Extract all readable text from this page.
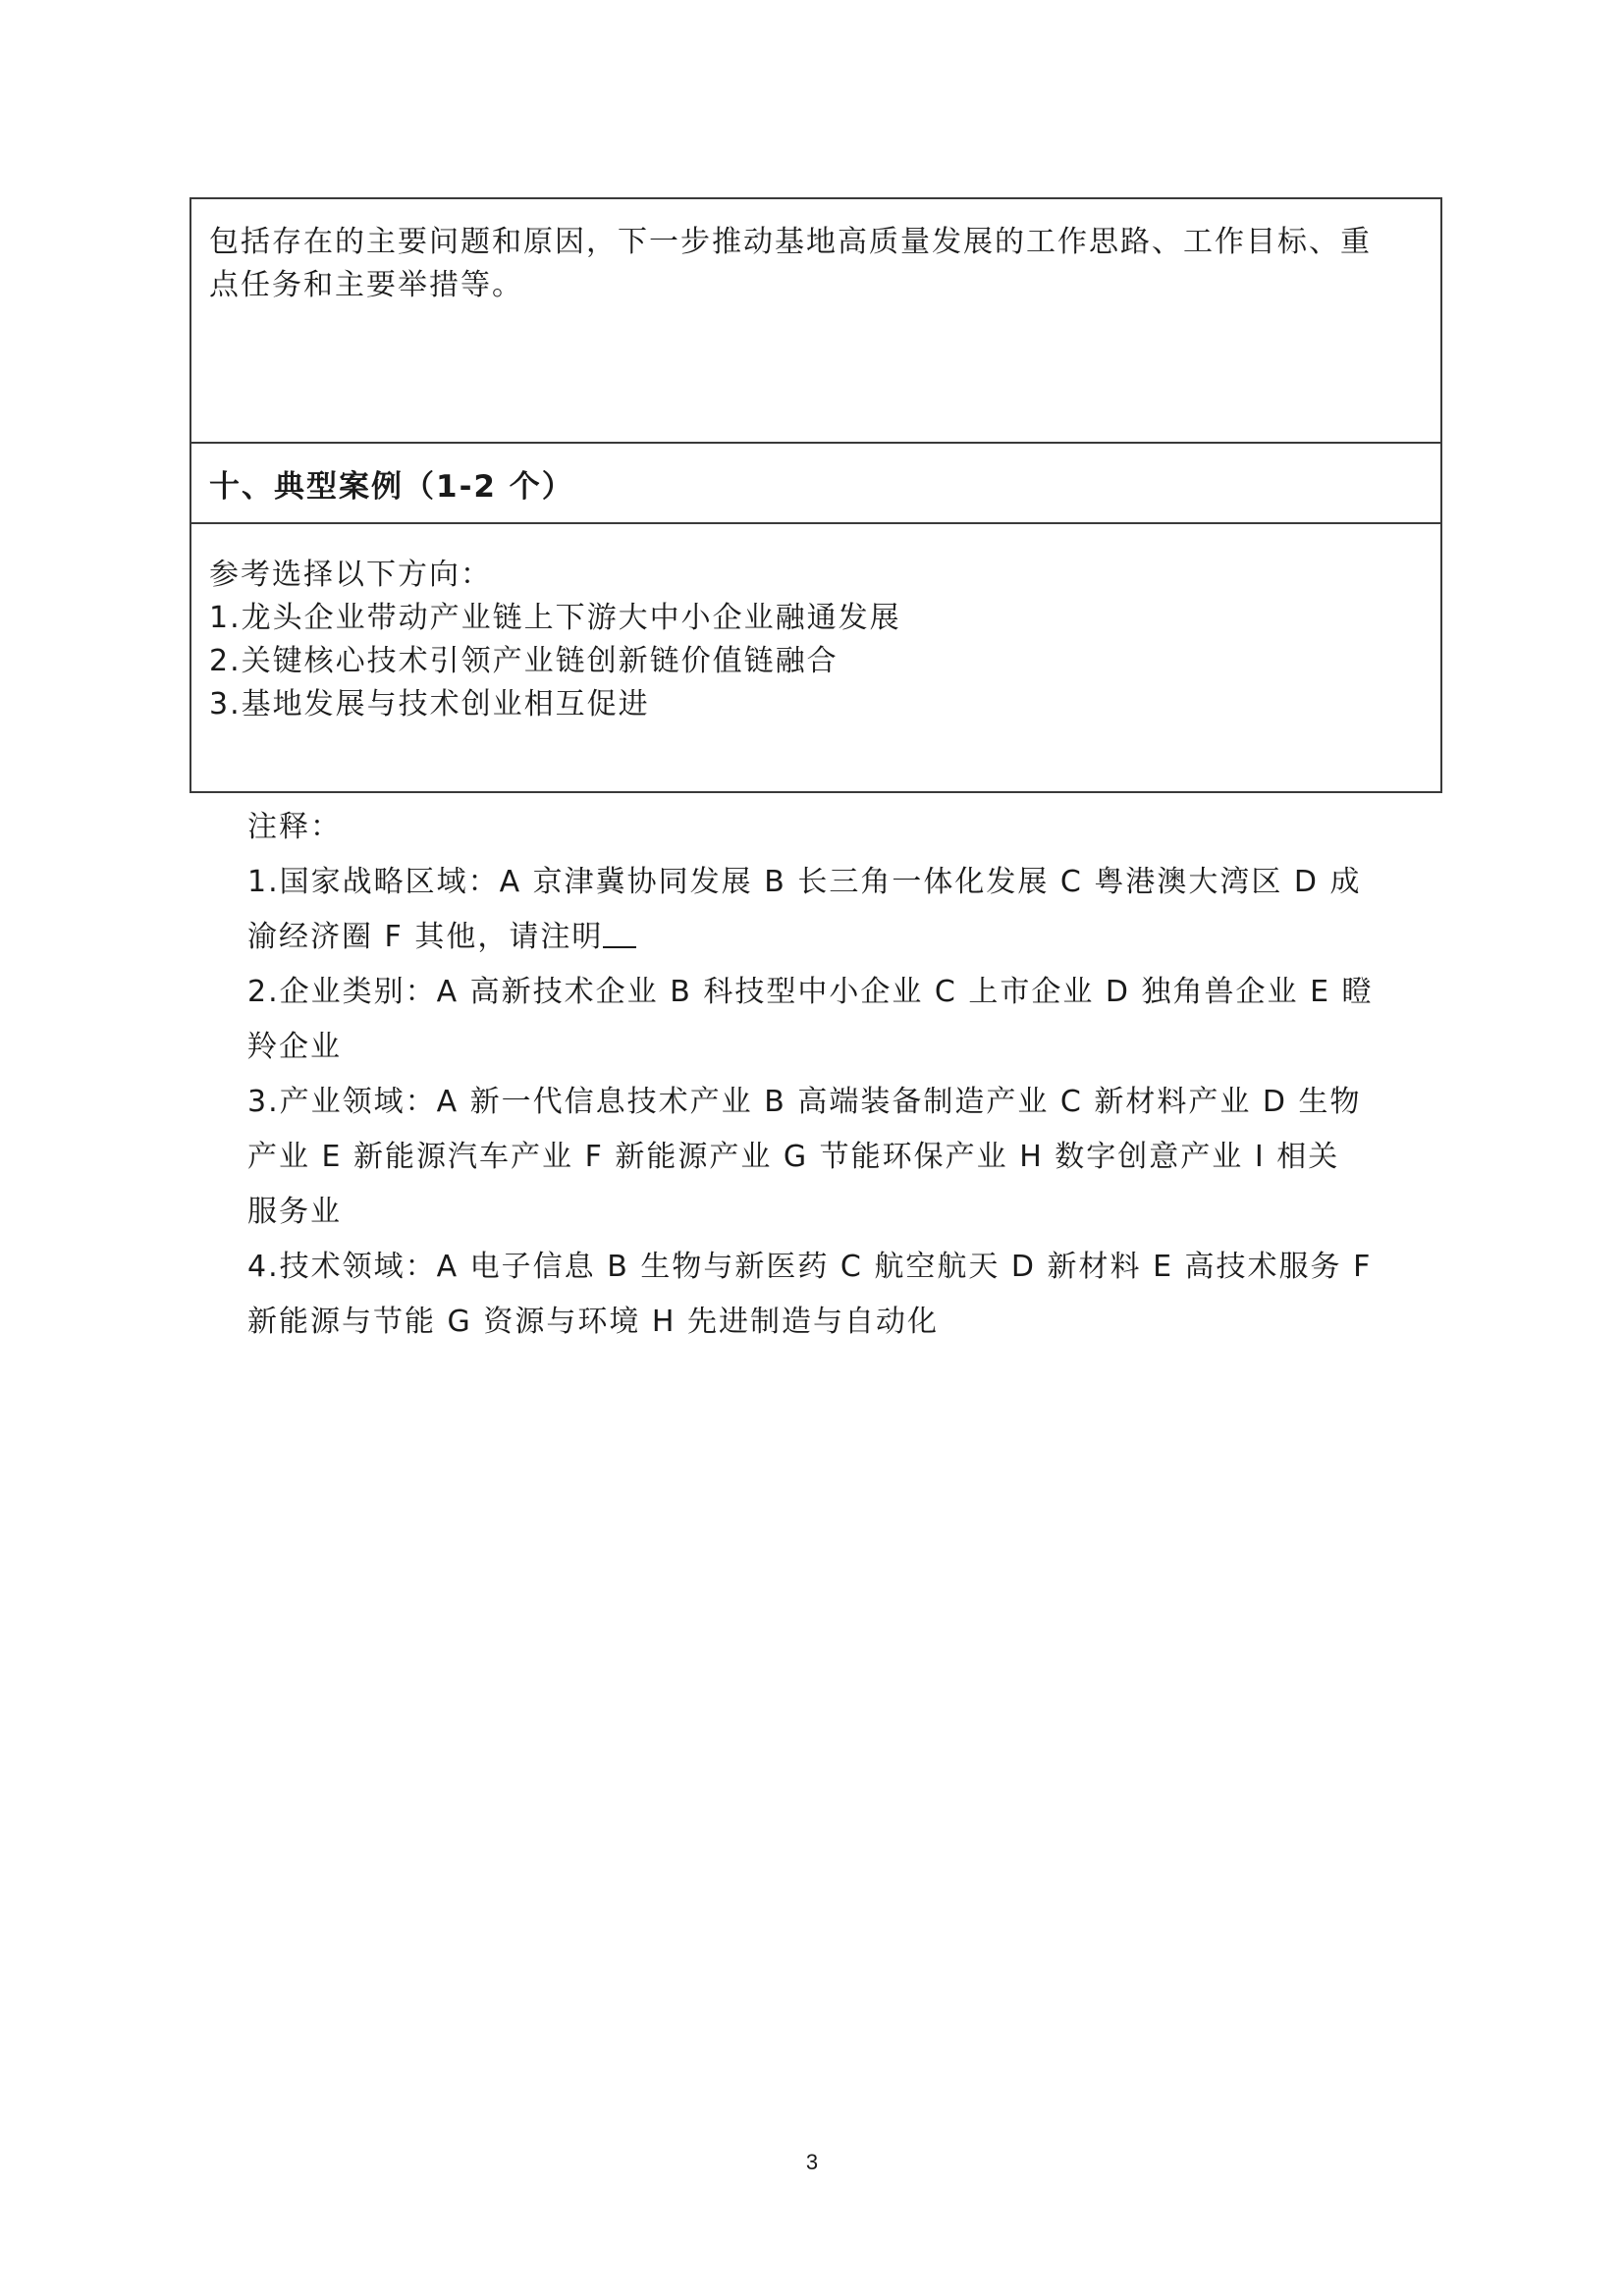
包括存在的主要问题和原因，下一步推动基地高质量发展的工作思路、工作目标、重
点任务和主要举措等。
十、典型案例（1-2 个）
参考选择以下方向：
1.龙头企业带动产业链上下游大中小企业融通发展
2.关键核心技术引领产业链创新链价值链融合
3.基地发展与技术创业相互促进
注释：
1.国家战略区域：A 京津冀协同发展 B 长三角一体化发展 C 粤港澳大湾区 D 成
渝经济圈 F 其他，请注明
2.企业类别：A 高新技术企业 B 科技型中小企业 C 上市企业 D 独角兽企业 E 瞪
羚企业
3.产业领域：A 新一代信息技术产业 B 高端装备制造产业 C 新材料产业 D 生物
产业 E 新能源汽车产业 F 新能源产业 G 节能环保产业 H 数字创意产业 I 相关
服务业
4.技术领域：A 电子信息 B 生物与新医药 C 航空航天 D 新材料 E 高技术服务 F
新能源与节能 G 资源与环境 H 先进制造与自动化
3
